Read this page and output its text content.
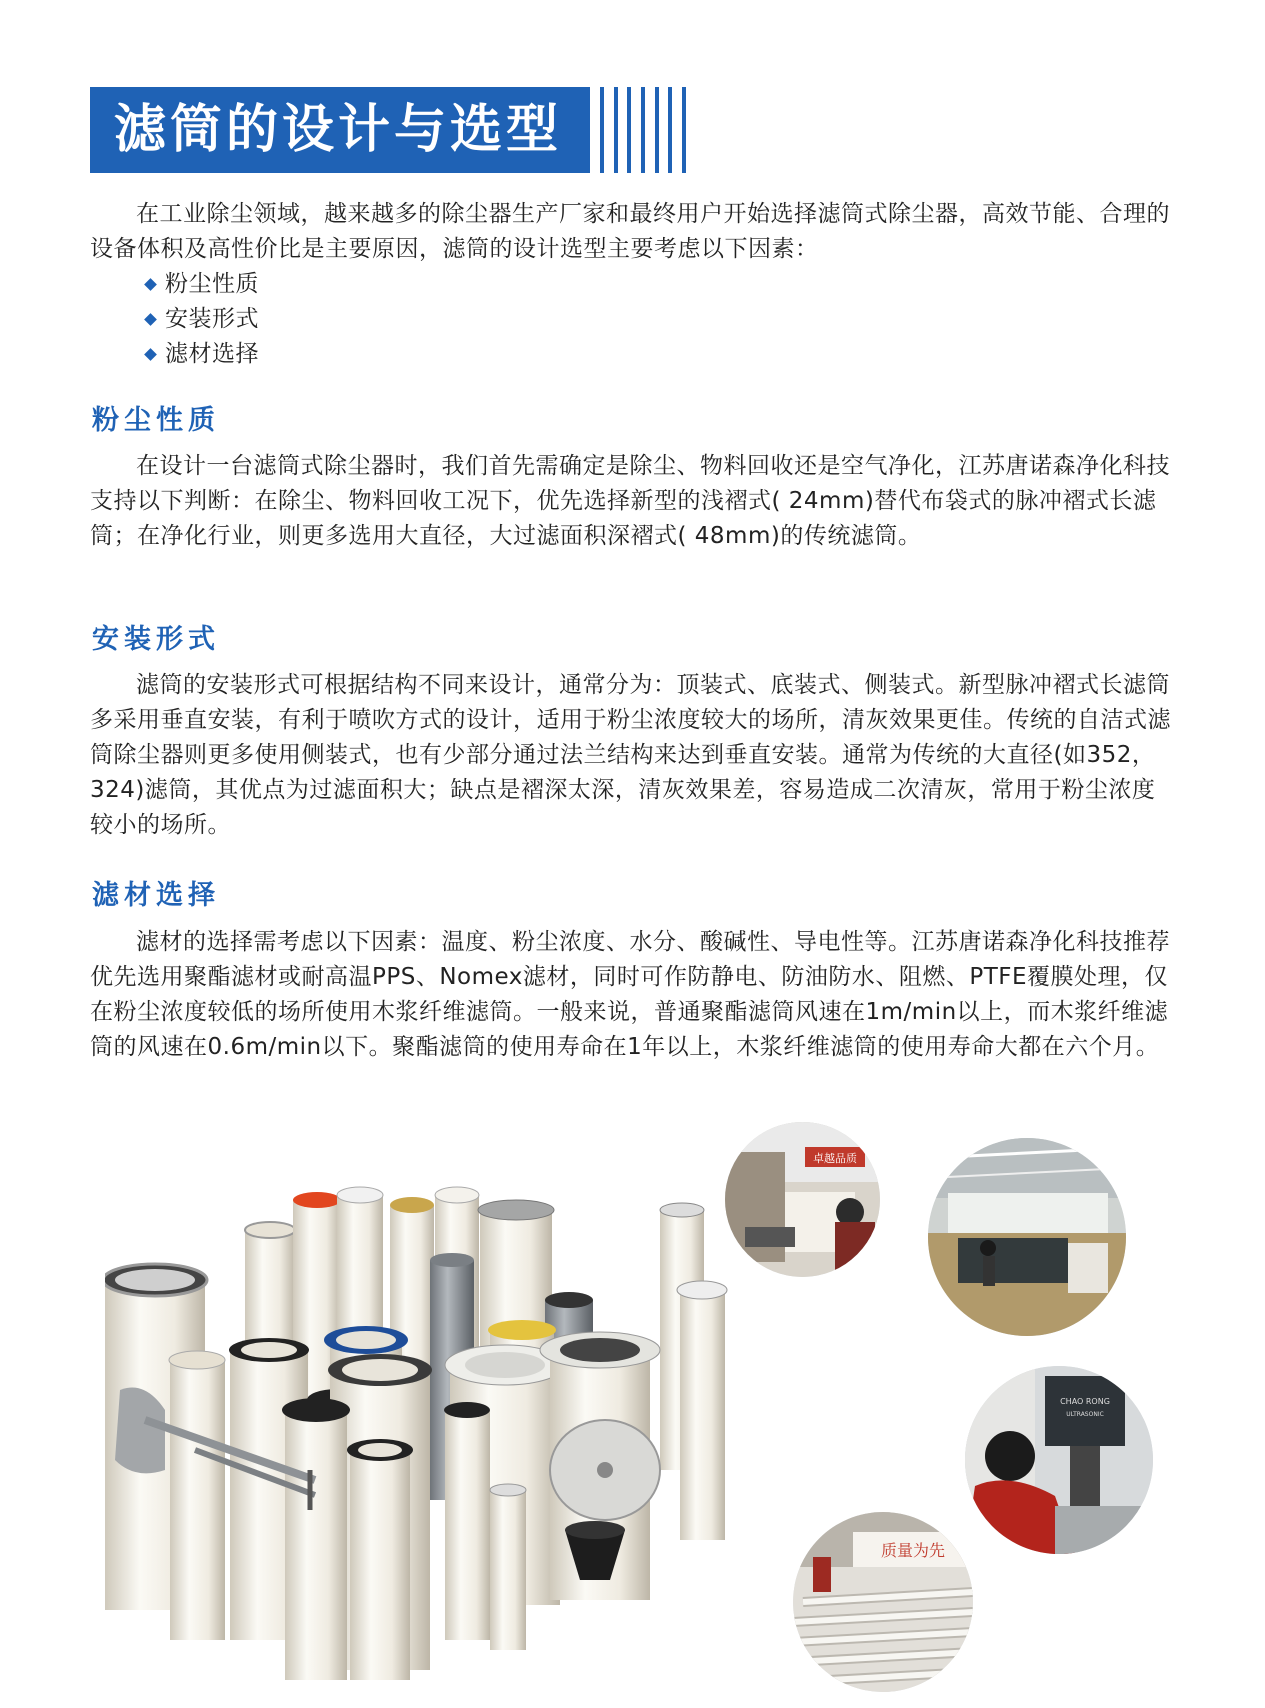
滤筒的设计与选型

在工业除尘领域，越来越多的除尘器生产厂家和最终用户开始选择滤筒式除尘器，高效节能、合理的设备体积及高性价比是主要原因，滤筒的设计选型主要考虑以下因素：

粉尘性质
安装形式
滤材选择
粉尘性质

在设计一台滤筒式除尘器时，我们首先需确定是除尘、物料回收还是空气净化，江苏唐诺森净化科技支持以下判断：在除尘、物料回收工况下，优先选择新型的浅褶式( 24mm)替代布袋式的脉冲褶式长滤筒；在净化行业，则更多选用大直径，大过滤面积深褶式( 48mm)的传统滤筒。

安装形式

滤筒的安装形式可根据结构不同来设计，通常分为：顶装式、底装式、侧装式。新型脉冲褶式长滤筒多采用垂直安装，有利于喷吹方式的设计，适用于粉尘浓度较大的场所，清灰效果更佳。传统的自洁式滤筒除尘器则更多使用侧装式，也有少部分通过法兰结构来达到垂直安装。通常为传统的大直径(如352，324)滤筒，其优点为过滤面积大；缺点是褶深太深，清灰效果差，容易造成二次清灰，常用于粉尘浓度较小的场所。

滤材选择

滤材的选择需考虑以下因素：温度、粉尘浓度、水分、酸碱性、导电性等。江苏唐诺森净化科技推荐优先选用聚酯滤材或耐高温PPS、Nomex滤材，同时可作防静电、防油防水、阻燃、PTFE覆膜处理，仅在粉尘浓度较低的场所使用木浆纤维滤筒。一般来说，普通聚酯滤筒风速在1m/min以上，而木浆纤维滤筒的风速在0.6m/min以下。聚酯滤筒的使用寿命在1年以上，木浆纤维滤筒的使用寿命大都在六个月。

卓越品质
CHAO RONG
ULTRASONIC
质量为先
